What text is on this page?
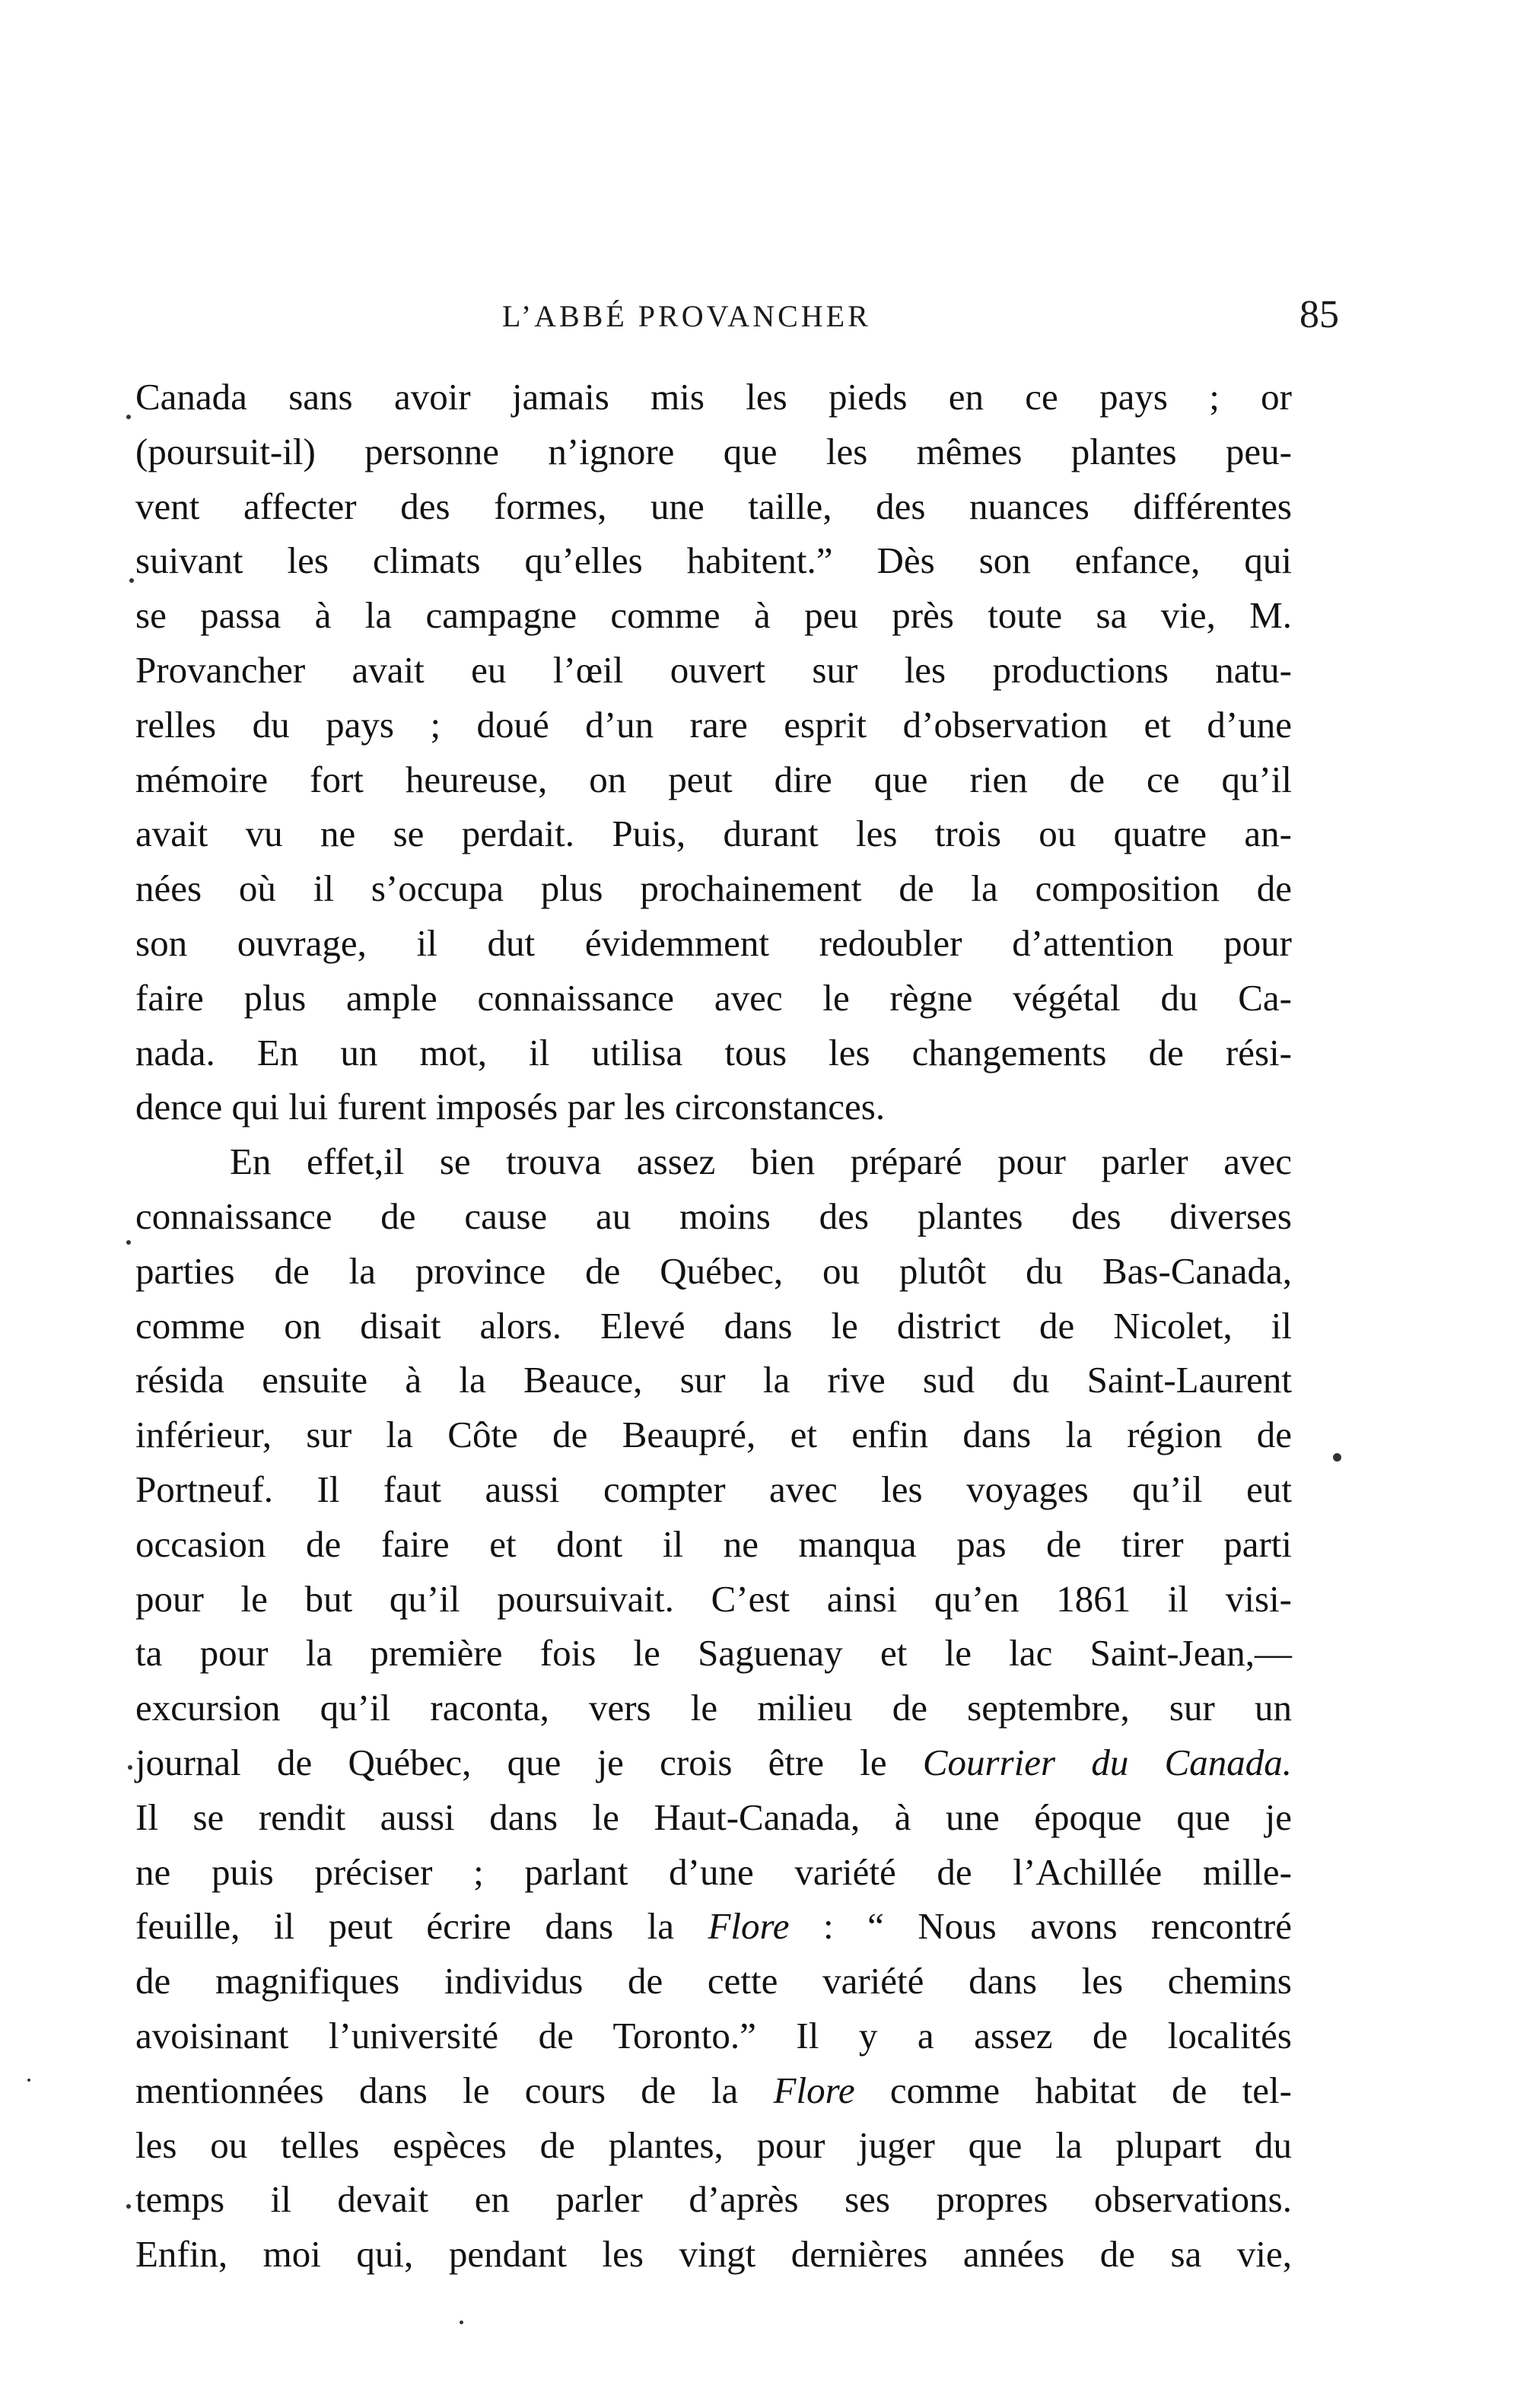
L’ABBÉ PROVANCHER	85
Canada sans avoir jamais mis les pieds en ce pays ; or
(poursuit-il) personne n’ignore que les mêmes plantes peu-
vent affecter des formes, une taille, des nuances différentes
suivant les climats qu’elles habitent.” Dès son enfance, qui
se passa à la campagne comme à peu près toute sa vie, M.
Provancher avait eu l’œil ouvert sur les productions natu-
relles du pays ; doué d’un rare esprit d’observation et d’une
mémoire fort heureuse, on peut dire que rien de ce qu’il
avait vu ne se perdait. Puis, durant les trois ou quatre an-
nées où il s’occupa plus prochainement de la composition de
son ouvrage, il dut évidemment redoubler d’attention pour
faire plus ample connaissance avec le règne végétal du Ca-
nada. En un mot, il utilisa tous les changements de rési-
dence qui lui furent imposés par les circonstances.
En effet,il se trouva assez bien préparé pour parler avec
connaissance de cause au moins des plantes des diverses
parties de la province de Québec, ou plutôt du Bas-Canada,
comme on disait alors. Elevé dans le district de Nicolet, il
résida ensuite à la Beauce, sur la rive sud du Saint-Laurent
inférieur, sur la Côte de Beaupré, et enfin dans la région de
Portneuf. Il faut aussi compter avec les voyages qu’il eut
occasion de faire et dont il ne manqua pas de tirer parti
pour le but qu’il poursuivait. C’est ainsi qu’en 1861 il visi-
ta pour la première fois le Saguenay et le lac Saint-Jean,—
excursion qu’il raconta, vers le milieu de septembre, sur un
journal de Québec, que je crois être le Courrier du Canada.
Il se rendit aussi dans le Haut-Canada, à une époque que je
ne puis préciser ; parlant d’une variété de l’Achillée mille-
feuille, il peut écrire dans la Flore : “ Nous avons rencontré
de magnifiques individus de cette variété dans les chemins
avoisinant l’université de Toronto.” Il y a assez de localités
mentionnées dans le cours de la Flore comme habitat de tel-
les ou telles espèces de plantes, pour juger que la plupart du
temps il devait en parler d’après ses propres observations.
Enfin, moi qui, pendant les vingt dernières années de sa vie,
